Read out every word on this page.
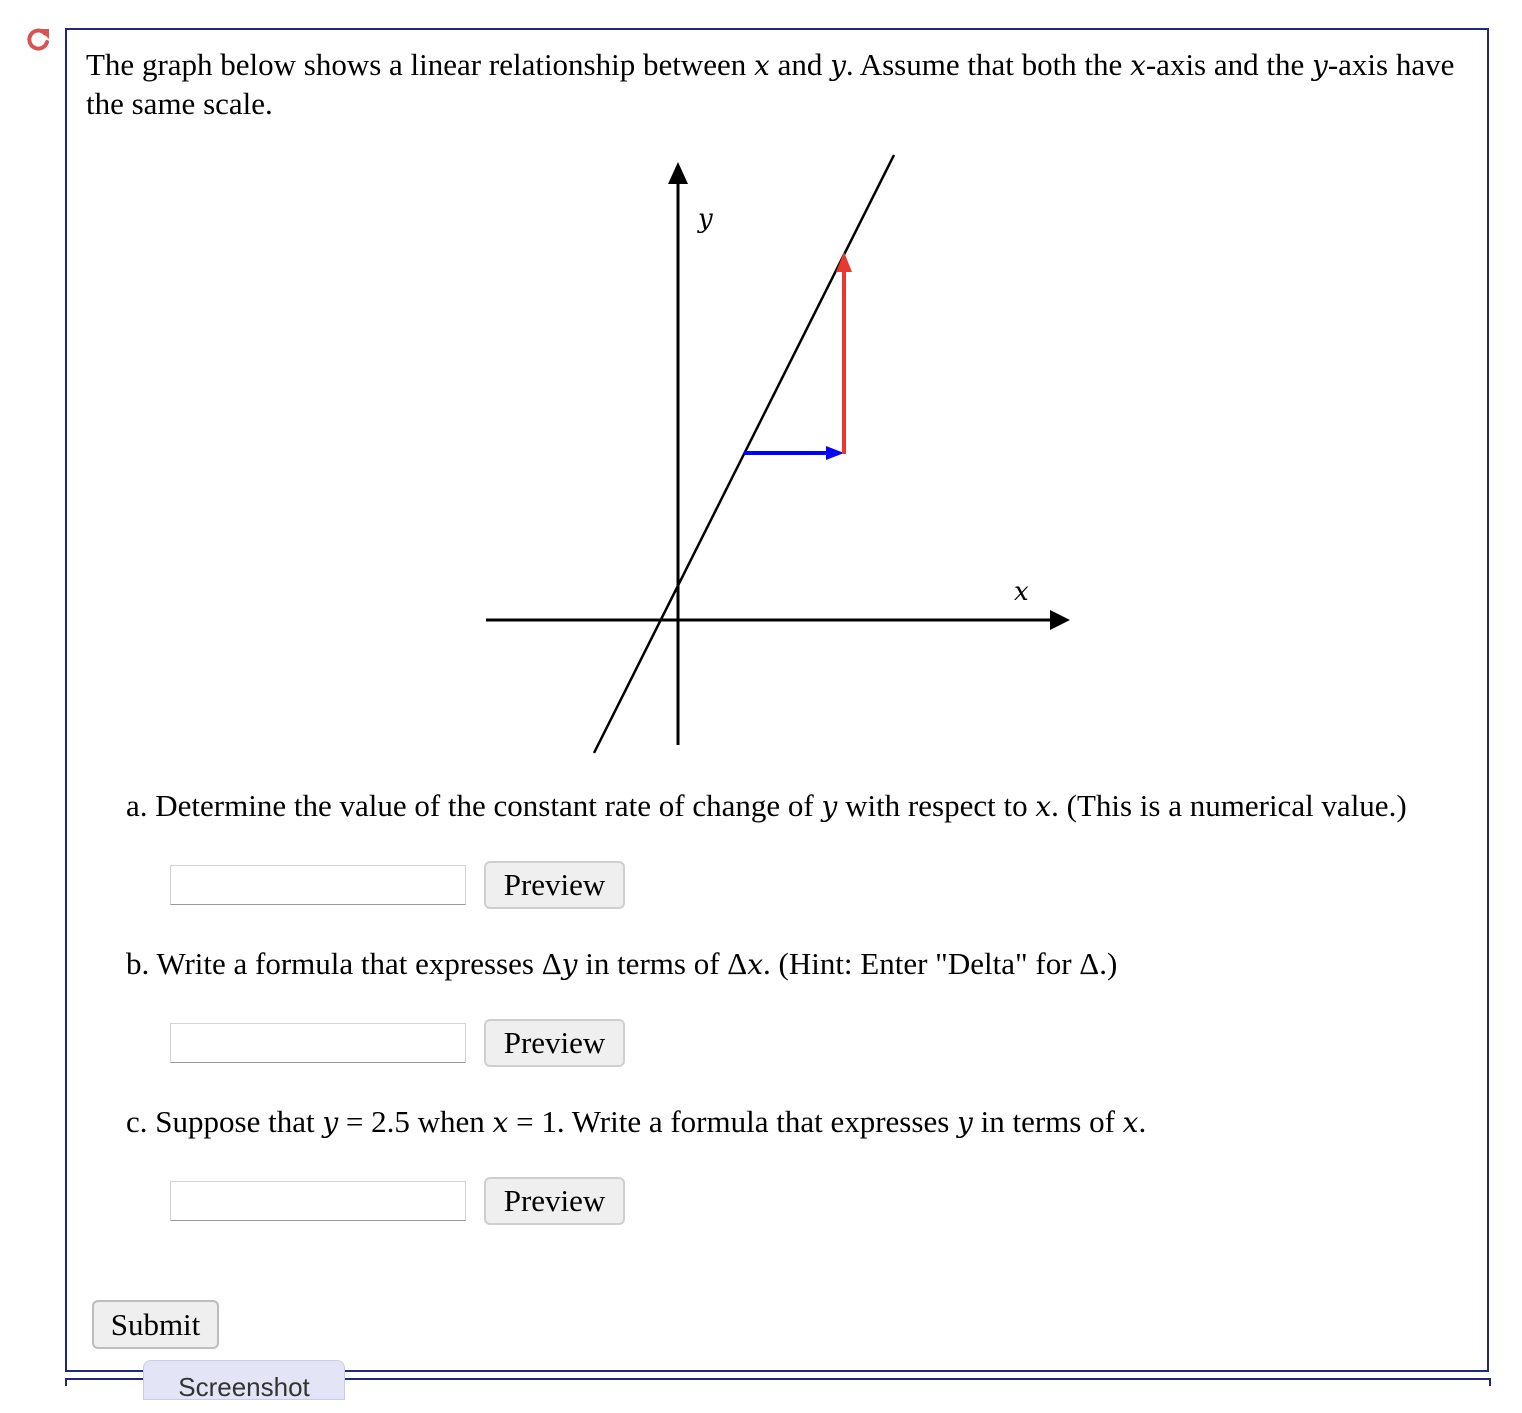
The graph below shows a linear relationship between x and y. Assume that both the x-axis and the y-axis have the same scale.
y
x
a. Determine the value of the constant rate of change of y with respect to x. (This is a numerical value.)
Preview
b. Write a formula that expresses Δy in terms of Δx. (Hint: Enter "Delta" for Δ.)
Preview
c. Suppose that y = 2.5 when x = 1. Write a formula that expresses y in terms of x.
Preview
Submit
Screenshot
